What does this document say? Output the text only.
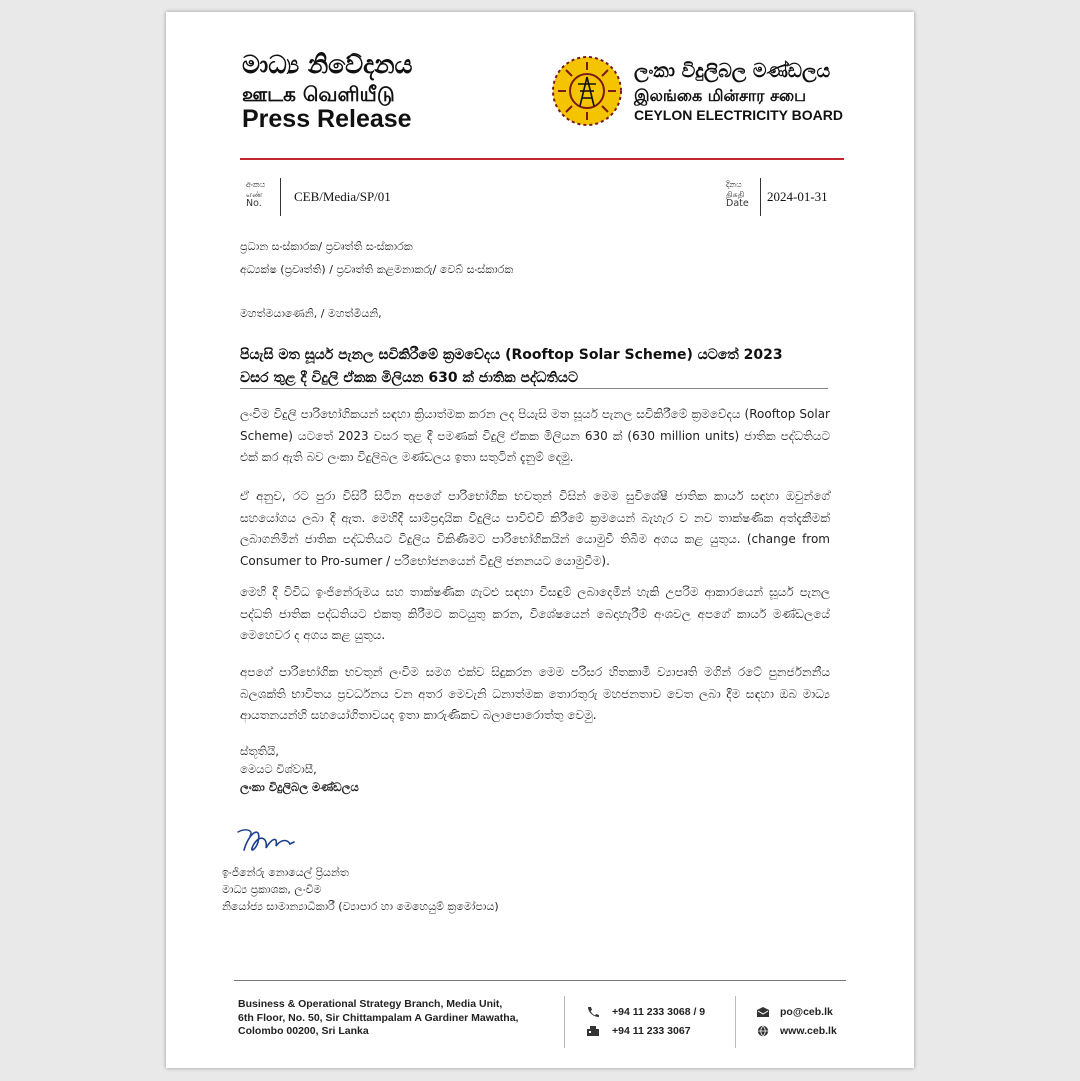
මාධ්‍ය නිවේදනය
ஊடக வெளியீடு
Press Release
ලංකා විදුලිබල මණ්ඩලය
இலங்கை மின்சார சபை
CEYLON ELECTRICITY BOARD
අංකය
எண்
No. CEB/Media/SP/01
දිනය
திகதி
Date 2024-01-31
ප්‍රධාන සංස්කාරක/ ප්‍රවෘත්ති සංස්කාරක
අධ්‍යක්ෂ (ප්‍රවෘත්ති) / ප්‍රවෘත්ති කළමනාකරු/ වෙබ් සංස්කාරක
මහත්මයාණෙනි, / මහත්මියනි,
පියැසි මත සූර්ය පැනල සවිකිරීමේ ක්‍රමවේදය (Rooftop Solar Scheme) යටතේ 2023
වසර තුළ දී විදුලි ඒකක මිලියන 630 ක් ජාතික පද්ධතියට
ලංවිම විදුලි පාරිභෝගිකයන් සඳහා ක්‍රියාත්මක කරන ලද පියැසි මත සූර්ය පැනල සවිකිරීමේ ක්‍රමවේදය (Rooftop Solar Scheme) යටතේ 2023 වසර තුළ දී පමණක් විදුලි ඒකක මිලියන 630 ක් (630 million units) ජාතික පද්ධතියට එක් කර ඇති බව ලංකා විදුලිබල මණ්ඩලය ඉතා සතුටින් දැනුම් දෙමු.
ඒ අනුව, රට පුරා විසිරී සිටින අපගේ පාරිභෝගික භවතුන් විසින් මෙම සුවිශේෂී ජාතික කාර්ය සඳහා ඔවුන්ගේ සහයෝගය ලබා දී ඇත. මෙහිදී සාම්ප්‍රදායික විදුලිය පාවිච්චි කිරීමේ ක්‍රමයෙන් බැහැර ව නව තාක්ෂණික අත්දැකීමක් ලබාගනිමින් ජාතික පද්ධතියට විදුලිය විකිණීමට පාරිභෝගිකයින් යොමුවී තිබීම අගය කළ යුතුය. (change from Consumer to Pro-sumer / පරිභෝජනයෙන් විදුලි ජනනයට යොමුවීම).
මෙහි දී විවිධ ඉංජිනේරුමය සහ තාක්ෂණික ගැටළු සඳහා විසඳුම් ලබාදෙමින් හැකි උපරිම ආකාරයෙන් සූර්ය පැනල පද්ධති ජාතික පද්ධතියට එකතු කිරීමට කටයුතු කරන, විශේෂයෙන් බෙදාහැරීම් අංශවල අපගේ කාර්ය මණ්ඩලයේ මෙහෙවර ද අගය කළ යුතුය.
අපගේ පාරිභෝගික භවතුන් ලංවිම සමග එක්ව සිදුකරන මෙම පරිසර හිතකාමී ව්‍යාපෘති මගින් රටේ පුනර්ජනනීය බලශක්ති භාවිතය ප්‍රවර්ධනය වන අතර මෙවැනි ධනාත්මක තොරතුරු මහජනතාව වෙත ලබා දීම සඳහා ඔබ මාධ්‍ය ආයතනයන්හි සහයෝගිතාවයද ඉතා කාරුණිකව බලාපොරොත්තු වෙමු.
ස්තූතියි,
මෙයට විශ්වාසී,
ලංකා විදුලිබල මණ්ඩලය
ඉංජිනේරු නොයෙල් ප්‍රියන්ත
මාධ්‍ය ප්‍රකාශක, ලංවිම
නියෝජ්‍ය සාමාන්‍යාධිකාරී (ව්‍යාපාර හා මෙහෙයුම් ක්‍රමෝපාය)
Business & Operational Strategy Branch, Media Unit,
6th Floor, No. 50, Sir Chittampalam A Gardiner Mawatha,
Colombo 00200, Sri Lanka
+94 11 233 3068 / 9
+94 11 233 3067
po@ceb.lk
www.ceb.lk
